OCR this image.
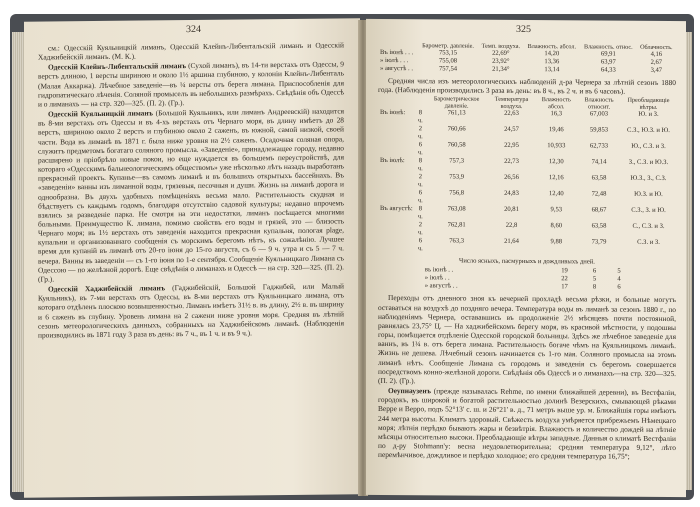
324

см.: Одесскій Куяльницкій лиманъ, Одесскій Клейнъ-Либентальскій лиманъ и Одесскій Хаджибейскій лиманъ. (М. К.).

Одесскій Клейнъ-Либентальскій лиманъ (Сухой лиманъ), въ 14-ти верстахъ отъ Одессы, 9 верстъ длиною, 1 версты шириною и около 1½ аршина глубиною, у колоніи Клейнъ-Либенталь (Малая Аккаржа). Лѣчебное заведеніе—въ ¼ версты отъ берега лимана. Приспособленія для гидропатическаго лѣченія. Соляной промыселъ въ небольшихъ размѣрахъ. Свѣдѣнія объ Одессѣ и о лиманахъ — на стр. 320—325. (П. 2). (Гр.).

Одесскій Куяльницкій лиманъ (Большой Куяльникъ, или лиманъ Андреевскій) находится въ 8-ми верстахъ отъ Одессы и въ 4-хъ верстахъ отъ Чернаго моря, въ длину имѣетъ до 28 верстъ, шириною около 2 верстъ и глубиною около 2 саженъ, въ южной, самой низкой, своей части. Вода въ лиманѣ въ 1871 г. была ниже уровня на 2½ саженъ. Осадочная соляная опора, служитъ предметомъ богатаго соляного промысла. «Заведеніе», принадлежащее городу, недавно расширено и пріобрѣло новые покои, но еще нуждается въ большемъ переустройствѣ, для котораго «Одесскимъ бальнеологическимъ обществомъ» уже нѣсколько лѣтъ назадъ выработанъ прекрасный проектъ. Купанье—въ самомъ лиманѣ и въ большихъ открытыхъ бассейнахъ. Въ «заведеніи» ванны изъ лиманной воды, грязевыя, песочныя и души. Жизнь на лиманѣ дорога и однообразна. Въ двухъ удобныхъ помѣщеніяхъ весьма мало. Растительность скудная и бѣдствуетъ съ каждымъ годомъ, благодаря отсутствію садовой культуры; недавно впрочемъ взялись за разведеніе парка. Не смотря на эти недостатки, лиманъ посѣщается многими больными. Преимущество К. лимана, помимо свойствъ его воды и грязей, это — близость Чернаго моря; въ 1½ верстахъ отъ заведенія находится прекрасная купальня, пологая plage, купальни и организованнаго сообщенія съ морскимъ берегомъ нѣтъ, къ сожалѣнію. Лучшее время для купаній въ лиманѣ отъ 20-го іюня до 15-го августа, съ 6 — 9 ч. утра и съ 5 — 7 ч. вечера. Ванны въ заведеніи — съ 1-го іюня по 1-е сентября. Сообщеніе Куяльницкаго Лимана съ Одессою — по желѣзной дорогѣ. Еще свѣдѣнія о лиманахъ и Одессѣ — на стр. 320—325. (П. 2). (Гр.).

Одесскій Хаджибейскій лиманъ (Гаджибейскій, Большой Гаджибей, или Малый Куяльникъ), въ 7-ми верстахъ отъ Одессы, въ 8-ми верстахъ отъ Куяльницкаго лимана, отъ котораго отдѣленъ плоскою возвышенностью. Лиманъ имѣетъ 31½ в. въ длину, 2½ в. въ ширину и 6 саженъ въ глубину. Уровень лимана на 2 сажени ниже уровня моря. Средняя въ лѣтній сезонъ метеорологическихъ данныхъ, собранныхъ на Хаджибейскомъ лиманѣ. (Наблюденія производились въ 1871 году 3 раза въ день: въ 7 ч., въ 1 ч. и въ 9 ч.).

325
	Барометр. давленіе.	Темп. воздуха.	Влажность. абсол.	Влажность. относ.	Облачность.
Въ іюнѣ . . .	753,15	22,69°	14,20	69,91	4,16
» іюлѣ . . .	755,08	23,92°	13,36	63,97	2,67
» августѣ . .	757,54	21,34°	13,14	64,33	3,47

Средняя числа изъ метеорологическихъ наблюденій д-ра Чернера за лѣтній сезонъ 1880 года. (Наблюденія производились 3 раза въ день: въ 8 ч., въ 2 ч. и въ 6 часовъ).

		Барометрическое давленіе.	Температура воздуха.	Влажность абсол.	Влажность относит.	Преобладающіе вѣтры.
Въ іюнѣ:	8 ч.	761,13	22,63	16,3	67,003	Ю. и З.
	2 ч.	760,66	24,57	19,46	59,853	С.З., Ю.З. и Ю.
	6 ч.	760,58	22,95	10,933	62,733	Ю., С.З. и З.
Въ іюлѣ:	8 ч.	757,3	22,73	12,30	74,14	З., С.З. и Ю.З.
	2 ч.	753,9	26,56	12,16	63,58	Ю.З., З., С.З.
	6 ч.	756,8	24,83	12,40	72,48	Ю.З. и Ю.
Въ августѣ:	8 ч.	763,08	20,81	9,53	68,67	С.З., З. и Ю.
	2 ч.	762,81	22,8	8,60	63,58	С., С.З. и З.
	6 ч.	763,3	21,64	9,88	73,79	С.З. и З.
Число ясныхъ, пасмурныхъ и дождливыхъ дней.
въ іюнѣ . .	19	6	5
» іюлѣ . .	22	5	4
» августѣ . .	17	8	6

Переходы отъ дневного зноя къ вечерней прохладѣ весьма рѣзки, и больные могутъ оставаться на воздухѣ до поздняго вечера. Температура воды въ лиманѣ за сезонъ 1880 г., по наблюденіямъ Чернера, остававшись въ продолженіе 2½ мѣсяцевъ почти постоянной, равнялась 23,75° Ц. — На хаджибейскомъ берегу моря, въ красивой мѣстности, у подошвы горы, помѣщается отдѣленіе Одесской городской больницы. Здѣсь же лѣчебное заведеніе для ваннъ, въ 1¼ в. отъ берега лимана. Растительность богаче чѣмъ на Куяльницкомъ лиманѣ. Жизнь не дешева. Лѣчебный сезонъ начинается съ 1-го мая. Соляного промысла на этомъ лиманѣ нѣтъ. Сообщеніе Лимана съ городомъ и заведенія съ берегомъ совершается посредствомъ конно-желѣзной дороги. Свѣдѣнія объ Одессѣ и о лиманахъ—на стр. 320—325. (П. 2). (Гр.).

Оеупнаузенъ (прежде называлась Rehme, по имени ближайшей деревни), въ Вестфаліи, городокъ, въ широкой и богатой растительностью долинѣ Везерскихъ, смывающей рѣками Верре и Верро, подъ 52°13' с. ш. и 26°21' в. д., 71 метръ выше ур. м. Ближайшія горы имѣютъ 244 метра высоты. Климатъ здоровый. Свѣжесть воздуха умѣряется прибрежьемъ Нѣмецкаго моря; лѣтнія перѣдко бываютъ жары и безвѣтрія. Влажность и количество дождей на лѣтніе мѣсяцы относительно высоки. Преобладающіе вѣтры западные. Данныя о климатѣ Вестфаліи по д-ру Stohmann'у: весна неудовлетворительна; средняя температура 9,12°, лѣто перемѣнчивое, дождливое и перѣдко холодное; его средняя температура 16,75°;
